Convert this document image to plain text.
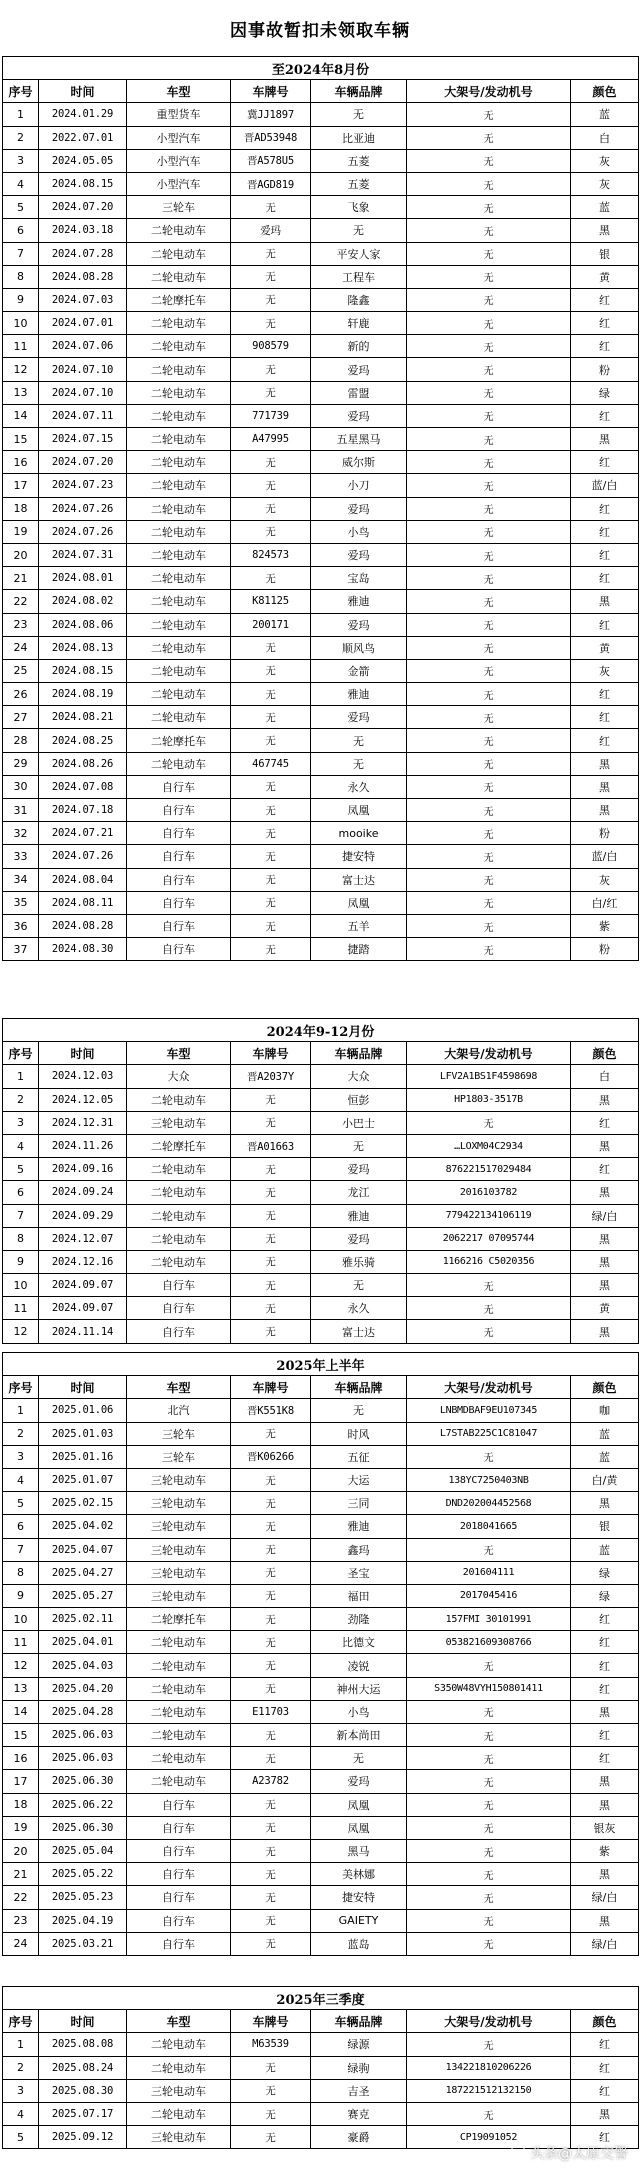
因事故暂扣未领取车辆
至2024年8月份						
序号	时间	车型	车牌号	车辆品牌	大架号/发动机号	颜色
1	2024.01.29	重型货车	冀JJ1897	无	无	蓝
2	2022.07.01	小型汽车	晋AD53948	比亚迪	无	白
3	2024.05.05	小型汽车	晋A578U5	五菱	无	灰
4	2024.08.15	小型汽车	晋AGD819	五菱	无	灰
5	2024.07.20	三轮车	无	飞象	无	蓝
6	2024.03.18	二轮电动车	爱玛	无	无	黑
7	2024.07.28	二轮电动车	无	平安人家	无	银
8	2024.08.28	二轮电动车	无	工程车	无	黄
9	2024.07.03	二轮摩托车	无	隆鑫	无	红
10	2024.07.01	二轮电动车	无	轩鹿	无	红
11	2024.07.06	二轮电动车	908579	新的	无	红
12	2024.07.10	二轮电动车	无	爱玛	无	粉
13	2024.07.10	二轮电动车	无	雷盟	无	绿
14	2024.07.11	二轮电动车	771739	爱玛	无	红
15	2024.07.15	二轮电动车	A47995	五星黑马	无	黑
16	2024.07.20	二轮电动车	无	威尔斯	无	红
17	2024.07.23	二轮电动车	无	小刀	无	蓝/白
18	2024.07.26	二轮电动车	无	爱玛	无	红
19	2024.07.26	二轮电动车	无	小鸟	无	红
20	2024.07.31	二轮电动车	824573	爱玛	无	红
21	2024.08.01	二轮电动车	无	宝岛	无	红
22	2024.08.02	二轮电动车	K81125	雅迪	无	黑
23	2024.08.06	二轮电动车	200171	爱玛	无	红
24	2024.08.13	二轮电动车	无	顺风鸟	无	黄
25	2024.08.15	二轮电动车	无	金箭	无	灰
26	2024.08.19	二轮电动车	无	雅迪	无	红
27	2024.08.21	二轮电动车	无	爱玛	无	红
28	2024.08.25	二轮摩托车	无	无	无	红
29	2024.08.26	二轮电动车	467745	无	无	黑
30	2024.07.08	自行车	无	永久	无	黑
31	2024.07.18	自行车	无	凤凰	无	黑
32	2024.07.21	自行车	无	mooike	无	粉
33	2024.07.26	自行车	无	捷安特	无	蓝/白
34	2024.08.04	自行车	无	富士达	无	灰
35	2024.08.11	自行车	无	凤凰	无	白/红
36	2024.08.28	自行车	无	五羊	无	紫
37	2024.08.30	自行车	无	捷踏	无	粉
2024年9-12月份						
序号	时间	车型	车牌号	车辆品牌	大架号/发动机号	颜色
1	2024.12.03	大众	晋A2037Y	大众	LFV2A1BS1F4598698	白
2	2024.12.05	二轮电动车	无	恒彭	HP1803-3517B	黑
3	2024.12.31	三轮电动车	无	小巴士	无	红
4	2024.11.26	二轮摩托车	晋A01663	无	…LOXM04C2934	黑
5	2024.09.16	二轮电动车	无	爱玛	876221517029484	红
6	2024.09.24	二轮电动车	无	龙江	2016103782	黑
7	2024.09.29	二轮电动车	无	雅迪	779422134106119	绿/白
8	2024.12.07	二轮电动车	无	爱玛	2062217 07095744	黑
9	2024.12.16	二轮电动车	无	雅乐骑	1166216 C5020356	黑
10	2024.09.07	自行车	无	无	无	黑
11	2024.09.07	自行车	无	永久	无	黄
12	2024.11.14	自行车	无	富士达	无	黑
2025年上半年						
序号	时间	车型	车牌号	车辆品牌	大架号/发动机号	颜色
1	2025.01.06	北汽	晋K551K8	无	LNBMDBAF9EU107345	咖
2	2025.01.03	三轮车	无	时风	L7STAB225C1C81047	蓝
3	2025.01.16	三轮车	晋K06266	五征	无	蓝
4	2025.01.07	三轮电动车	无	大运	138YC7250403NB	白/黄
5	2025.02.15	三轮电动车	无	三同	DND202004452568	黑
6	2025.04.02	三轮电动车	无	雅迪	2018041665	银
7	2025.04.07	三轮电动车	无	鑫玛	无	蓝
8	2025.04.27	三轮电动车	无	圣宝	201604111	绿
9	2025.05.27	三轮电动车	无	福田	2017045416	绿
10	2025.02.11	二轮摩托车	无	劲隆	157FMI 30101991	红
11	2025.04.01	二轮电动车	无	比德文	053821609308766	红
12	2025.04.03	二轮电动车	无	凌锐	无	红
13	2025.04.20	二轮电动车	无	神州大运	S350W48VYH150801411	红
14	2025.04.28	二轮电动车	E11703	小鸟	无	黑
15	2025.06.03	二轮电动车	无	新本尚田	无	红
16	2025.06.03	二轮电动车	无	无	无	红
17	2025.06.30	二轮电动车	A23782	爱玛	无	黑
18	2025.06.22	自行车	无	凤凰	无	黑
19	2025.06.30	自行车	无	凤凰	无	银灰
20	2025.05.04	自行车	无	黑马	无	紫
21	2025.05.22	自行车	无	美林娜	无	黑
22	2025.05.23	自行车	无	捷安特	无	绿/白
23	2025.04.19	自行车	无	GAIETY	无	黑
24	2025.03.21	自行车	无	蓝岛	无	绿/白
2025年三季度						
序号	时间	车型	车牌号	车辆品牌	大架号/发动机号	颜色
1	2025.08.08	二轮电动车	M63539	绿源	无	红
2	2025.08.24	二轮电动车	无	绿驹	134221810206226	红
3	2025.08.30	三轮电动车	无	吉圣	187221512132150	红
4	2025.07.17	二轮电动车	无	赛克	无	黑
5	2025.09.12	三轮电动车	无	豪爵	CP19091052	红
头条@太原交警
